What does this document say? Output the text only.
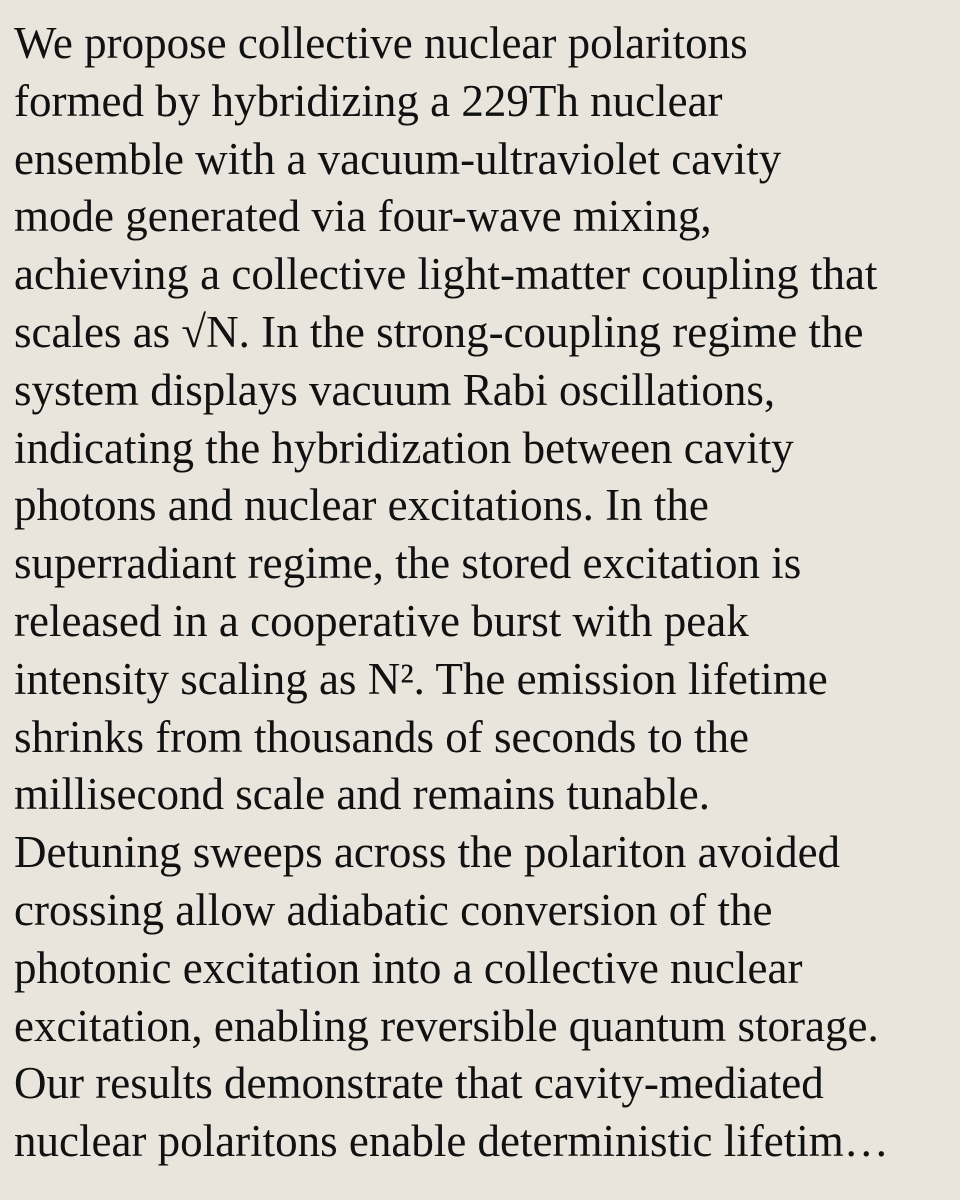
We propose collective nuclear polaritons
formed by hybridizing a 229Th nuclear
ensemble with a vacuum-ultraviolet cavity
mode generated via four-wave mixing,
achieving a collective light-matter coupling that
scales as √N. In the strong-coupling regime the
system displays vacuum Rabi oscillations,
indicating the hybridization between cavity
photons and nuclear excitations. In the
superradiant regime, the stored excitation is
released in a cooperative burst with peak
intensity scaling as N². The emission lifetime
shrinks from thousands of seconds to the
millisecond scale and remains tunable.
Detuning sweeps across the polariton avoided
crossing allow adiabatic conversion of the
photonic excitation into a collective nuclear
excitation, enabling reversible quantum storage.
Our results demonstrate that cavity-mediated
nuclear polaritons enable deterministic lifetim…
